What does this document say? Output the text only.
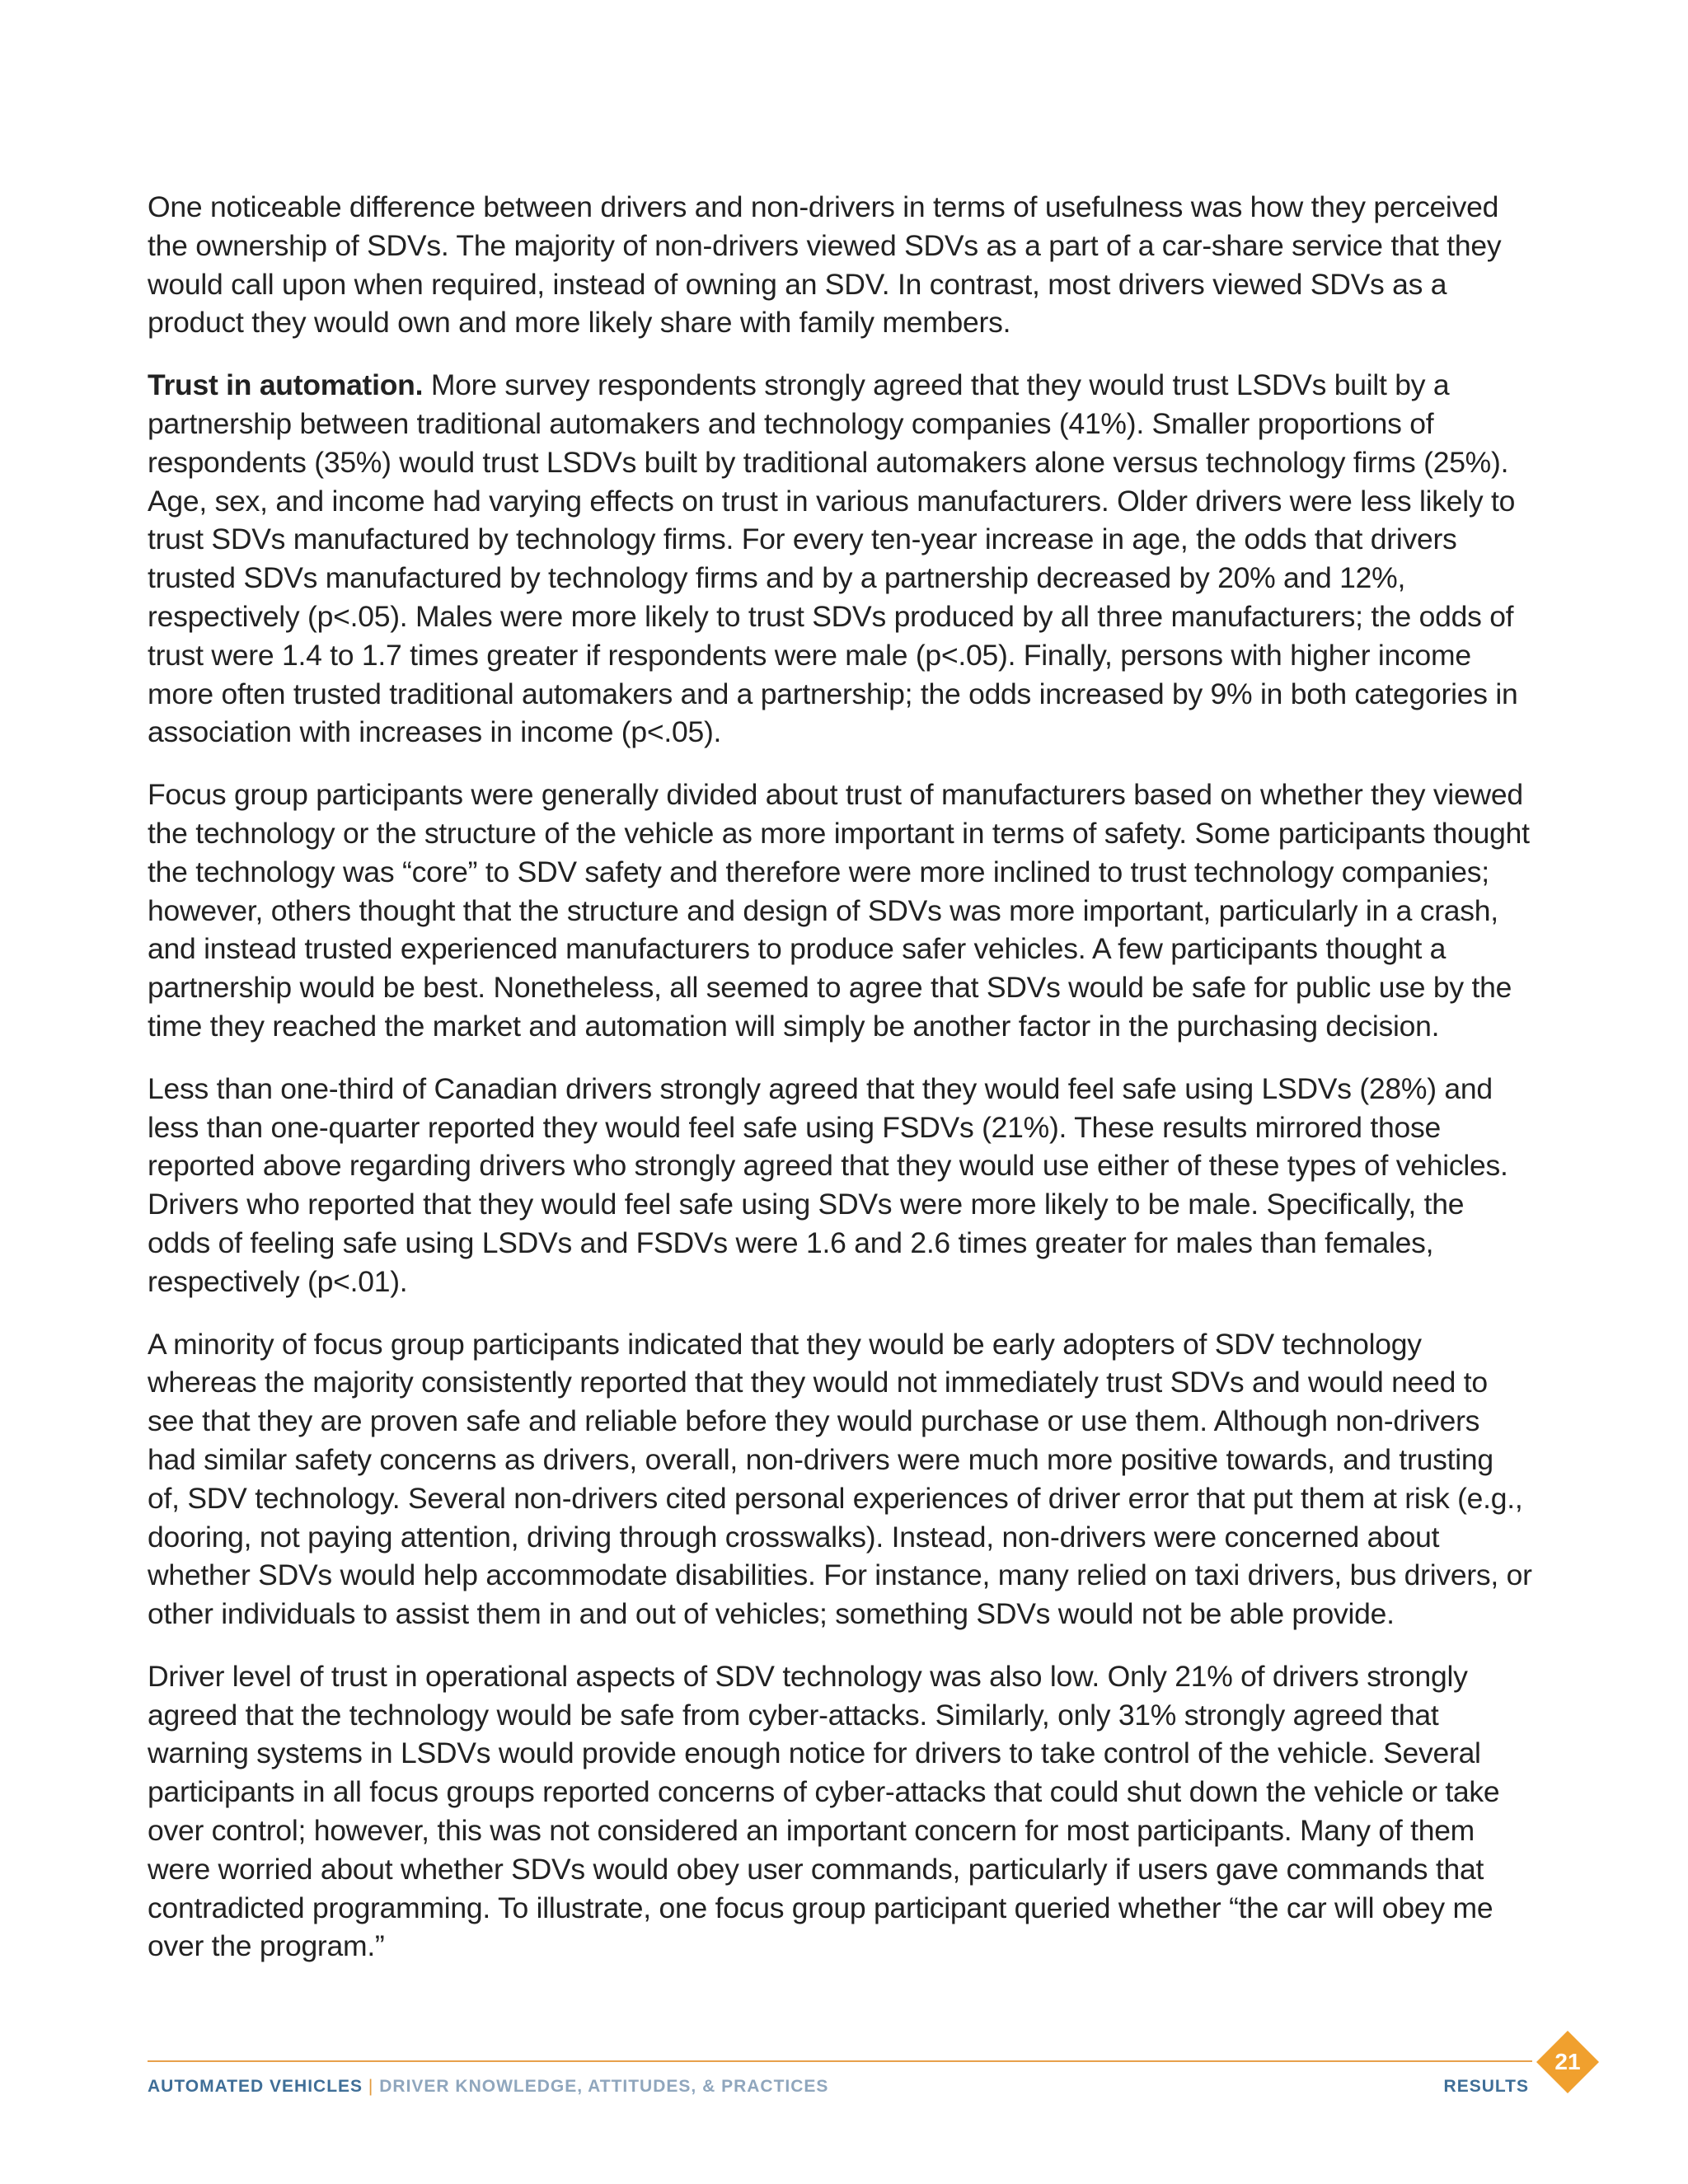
One noticeable difference between drivers and non-drivers in terms of usefulness was how they perceived the ownership of SDVs. The majority of non-drivers viewed SDVs as a part of a car-share service that they would call upon when required, instead of owning an SDV. In contrast, most drivers viewed SDVs as a product they would own and more likely share with family members.

Trust in automation. More survey respondents strongly agreed that they would trust LSDVs built by a partnership between traditional automakers and technology companies (41%). Smaller proportions of respondents (35%) would trust LSDVs built by traditional automakers alone versus technology firms (25%). Age, sex, and income had varying effects on trust in various manufacturers. Older drivers were less likely to trust SDVs manufactured by technology firms. For every ten-year increase in age, the odds that drivers trusted SDVs manufactured by technology firms and by a partnership decreased by 20% and 12%, respectively (p<.05). Males were more likely to trust SDVs produced by all three manufacturers; the odds of trust were 1.4 to 1.7 times greater if respondents were male (p<.05). Finally, persons with higher income more often trusted traditional automakers and a partnership; the odds increased by 9% in both categories in association with increases in income (p<.05).

Focus group participants were generally divided about trust of manufacturers based on whether they viewed the technology or the structure of the vehicle as more important in terms of safety. Some participants thought the technology was “core” to SDV safety and therefore were more inclined to trust technology companies; however, others thought that the structure and design of SDVs was more important, particularly in a crash, and instead trusted experienced manufacturers to produce safer vehicles. A few participants thought a partnership would be best. Nonetheless, all seemed to agree that SDVs would be safe for public use by the time they reached the market and automation will simply be another factor in the purchasing decision.

Less than one-third of Canadian drivers strongly agreed that they would feel safe using LSDVs (28%) and less than one-quarter reported they would feel safe using FSDVs (21%). These results mirrored those reported above regarding drivers who strongly agreed that they would use either of these types of vehicles. Drivers who reported that they would feel safe using SDVs were more likely to be male. Specifically, the odds of feeling safe using LSDVs and FSDVs were 1.6 and 2.6 times greater for males than females, respectively (p<.01).

A minority of focus group participants indicated that they would be early adopters of SDV technology whereas the majority consistently reported that they would not immediately trust SDVs and would need to see that they are proven safe and reliable before they would purchase or use them. Although non-drivers had similar safety concerns as drivers, overall, non-drivers were much more positive towards, and trusting of, SDV technology. Several non-drivers cited personal experiences of driver error that put them at risk (e.g., dooring, not paying attention, driving through crosswalks). Instead, non-drivers were concerned about whether SDVs would help accommodate disabilities. For instance, many relied on taxi drivers, bus drivers, or other individuals to assist them in and out of vehicles; something SDVs would not be able provide.

Driver level of trust in operational aspects of SDV technology was also low. Only 21% of drivers strongly agreed that the technology would be safe from cyber-attacks. Similarly, only 31% strongly agreed that warning systems in LSDVs would provide enough notice for drivers to take control of the vehicle. Several participants in all focus groups reported concerns of cyber-attacks that could shut down the vehicle or take over control; however, this was not considered an important concern for most participants. Many of them were worried about whether SDVs would obey user commands, particularly if users gave commands that contradicted programming. To illustrate, one focus group participant queried whether “the car will obey me over the program.”

AUTOMATED VEHICLES | DRIVER KNOWLEDGE, ATTITUDES, & PRACTICES	RESULTS
21
